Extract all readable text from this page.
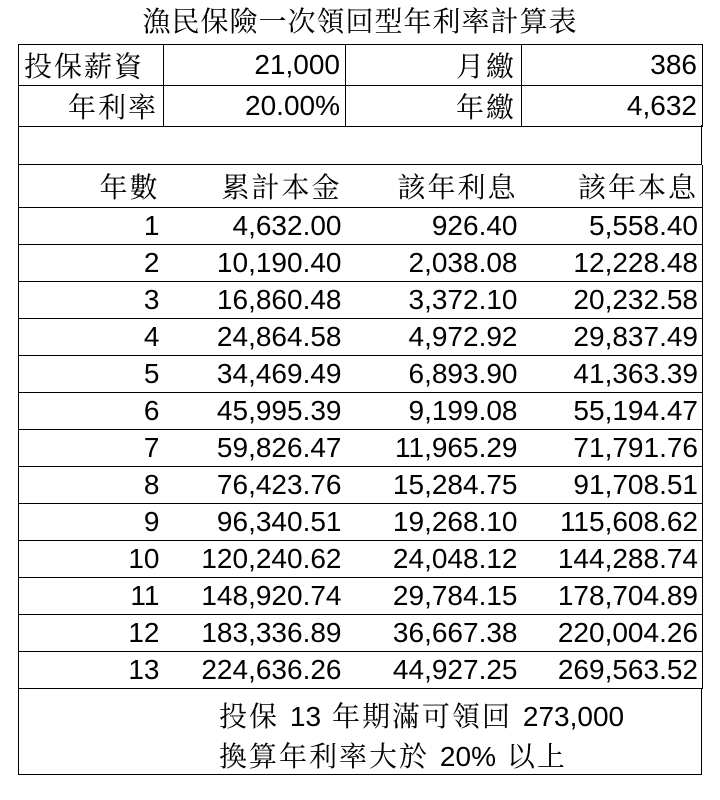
漁民保險一次領回型年利率計算表
投保薪資	21,000	月繳	386
年利率	20.00%	年繳	4,632
年數	累計本金	該年利息	該年本息
1	4,632.00	926.40	5,558.40
2	10,190.40	2,038.08	12,228.48
3	16,860.48	3,372.10	20,232.58
4	24,864.58	4,972.92	29,837.49
5	34,469.49	6,893.90	41,363.39
6	45,995.39	9,199.08	55,194.47
7	59,826.47	11,965.29	71,791.76
8	76,423.76	15,284.75	91,708.51
9	96,340.51	19,268.10	115,608.62
10	120,240.62	24,048.12	144,288.74
11	148,920.74	29,784.15	178,704.89
12	183,336.89	36,667.38	220,004.26
13	224,636.26	44,927.25	269,563.52
投保 13 年期滿可領回 273,000
換算年利率大於 20% 以上
